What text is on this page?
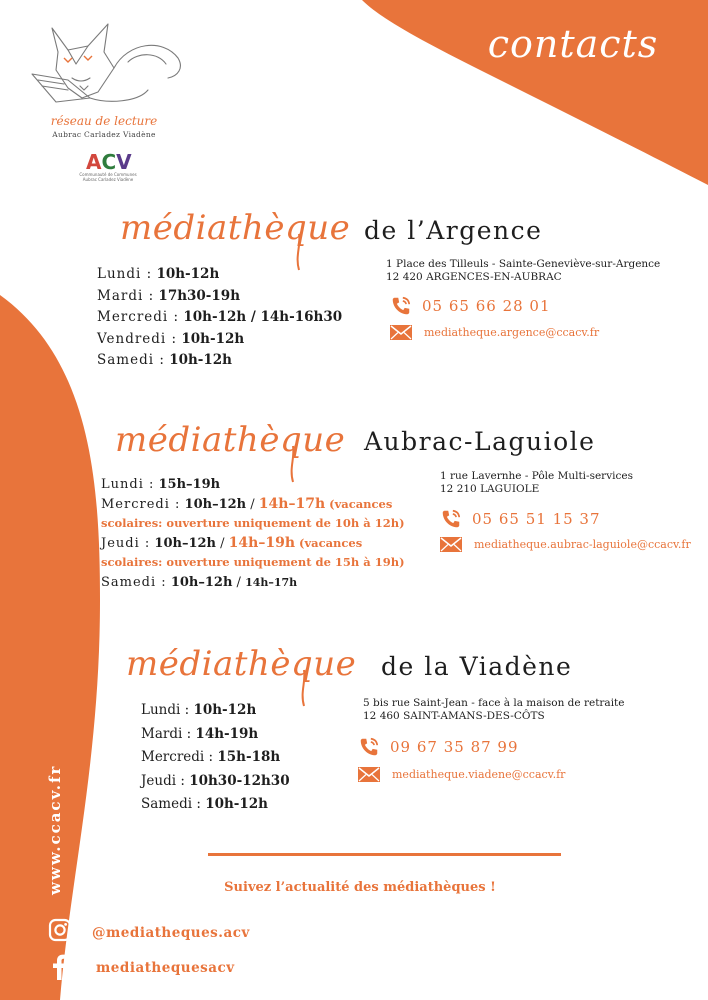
contacts
réseau de lecture
Aubrac Carladez Viadène
ACV
Communauté de Communes Aubrac Carladez Viadène
médiathèque de l’Argence
Lundi : 10h-12h
Mardi : 17h30-19h
Mercredi : 10h-12h / 14h-16h30
Vendredi : 10h-12h
Samedi : 10h-12h
1 Place des Tilleuls - Sainte-Geneviève-sur-Argence
12 420 ARGENCES-EN-AUBRAC
05 65 66 28 01
mediatheque.argence@ccacv.fr
médiathèque Aubrac-Laguiole
Lundi : 15h–19h
Mercredi : 10h–12h / 14h–17h (vacances
scolaires: ouverture uniquement de 10h à 12h)
Jeudi : 10h–12h / 14h–19h (vacances
scolaires: ouverture uniquement de 15h à 19h)
Samedi : 10h–12h / 14h–17h
1 rue Lavernhe - Pôle Multi-services
12 210 LAGUIOLE
05 65 51 15 37
mediatheque.aubrac-laguiole@ccacv.fr
médiathèque de la Viadène
Lundi : 10h-12h
Mardi : 14h-19h
Mercredi : 15h-18h
Jeudi : 10h30-12h30
Samedi : 10h-12h
5 bis rue Saint-Jean - face à la maison de retraite
12 460 SAINT-AMANS-DES-CÔTS
09 67 35 87 99
mediatheque.viadene@ccacv.fr
Suivez l’actualité des médiathèques !
www.ccacv.fr
@mediatheques.acv
mediathequesacv
